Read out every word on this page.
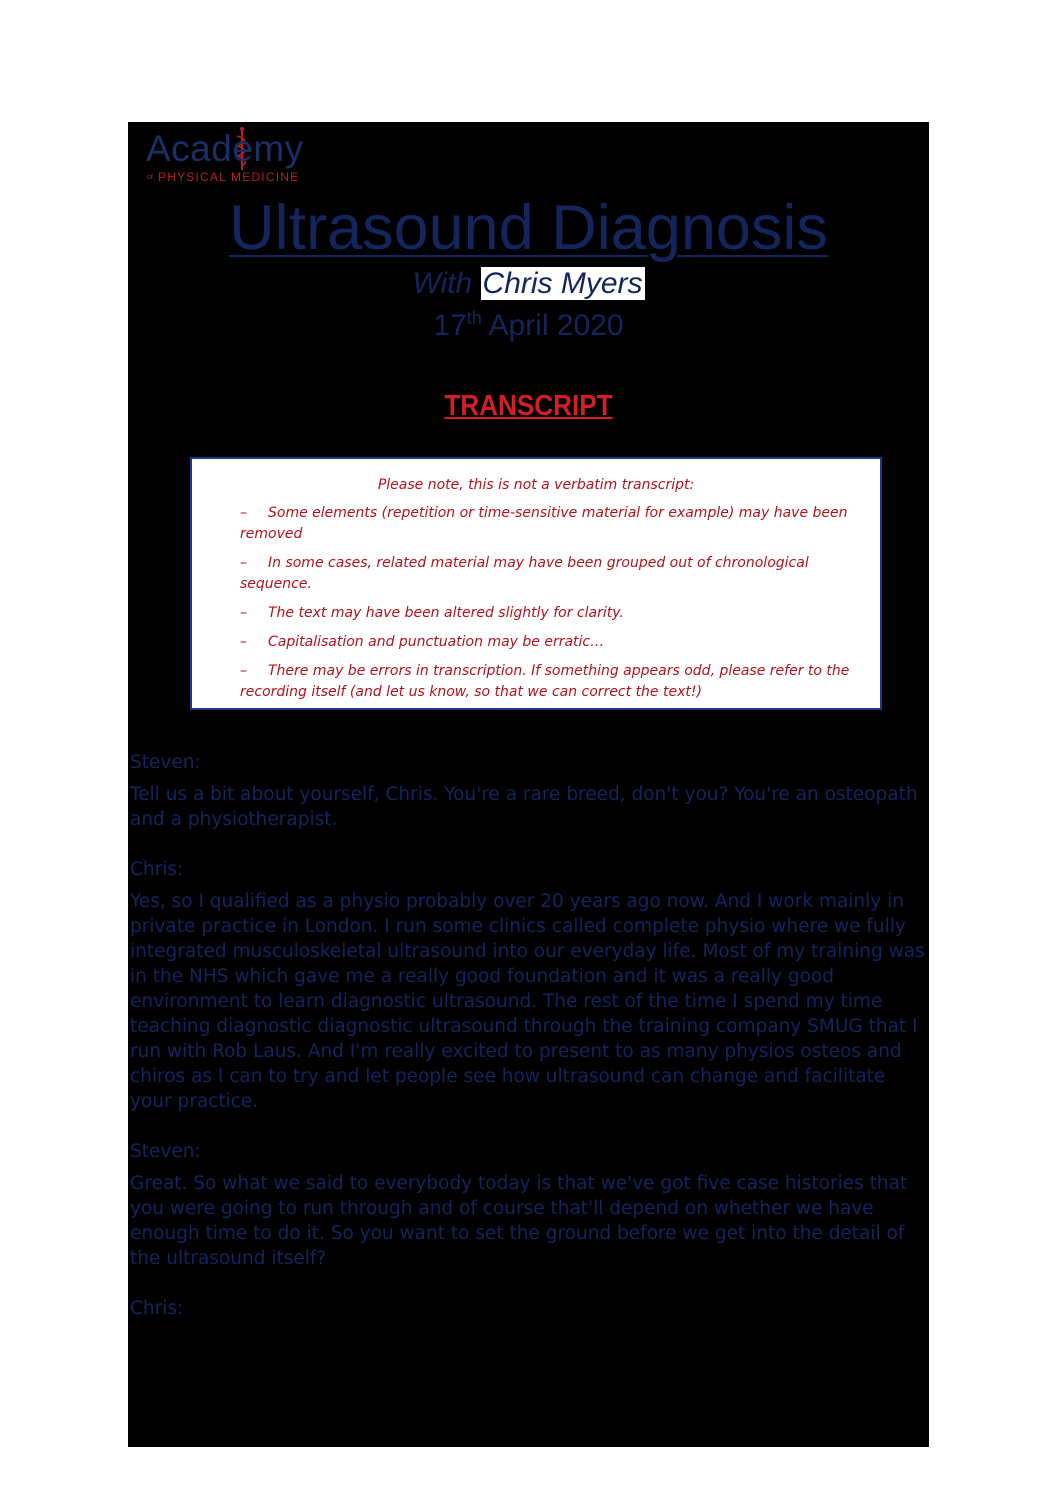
Academy
of PHYSICAL MEDICINE
Ultrasound Diagnosis
With Chris Myers
17th April 2020
TRANSCRIPT
Please note, this is not a verbatim transcript:
– Some elements (repetition or time-sensitive material for example) may have been removed
– In some cases, related material may have been grouped out of chronological sequence.
– The text may have been altered slightly for clarity.
– Capitalisation and punctuation may be erratic…
– There may be errors in transcription. If something appears odd, please refer to the recording itself (and let us know, so that we can correct the text!)
Steven:
Tell us a bit about yourself, Chris. You're a rare breed, don't you? You're an osteopath and a physiotherapist.
Chris:
Yes, so I qualified as a physio probably over 20 years ago now. And I work mainly in private practice in London. I run some clinics called complete physio where we fully integrated musculoskeletal ultrasound into our everyday life. Most of my training was in the NHS which gave me a really good foundation and it was a really good environment to learn diagnostic ultrasound. The rest of the time I spend my time teaching diagnostic diagnostic ultrasound through the training company SMUG that I run with Rob Laus. And I'm really excited to present to as many physios osteos and chiros as I can to try and let people see how ultrasound can change and facilitate your practice.
Steven:
Great. So what we said to everybody today is that we've got five case histories that you were going to run through and of course that'll depend on whether we have enough time to do it. So you want to set the ground before we get into the detail of the ultrasound itself?
Chris:
